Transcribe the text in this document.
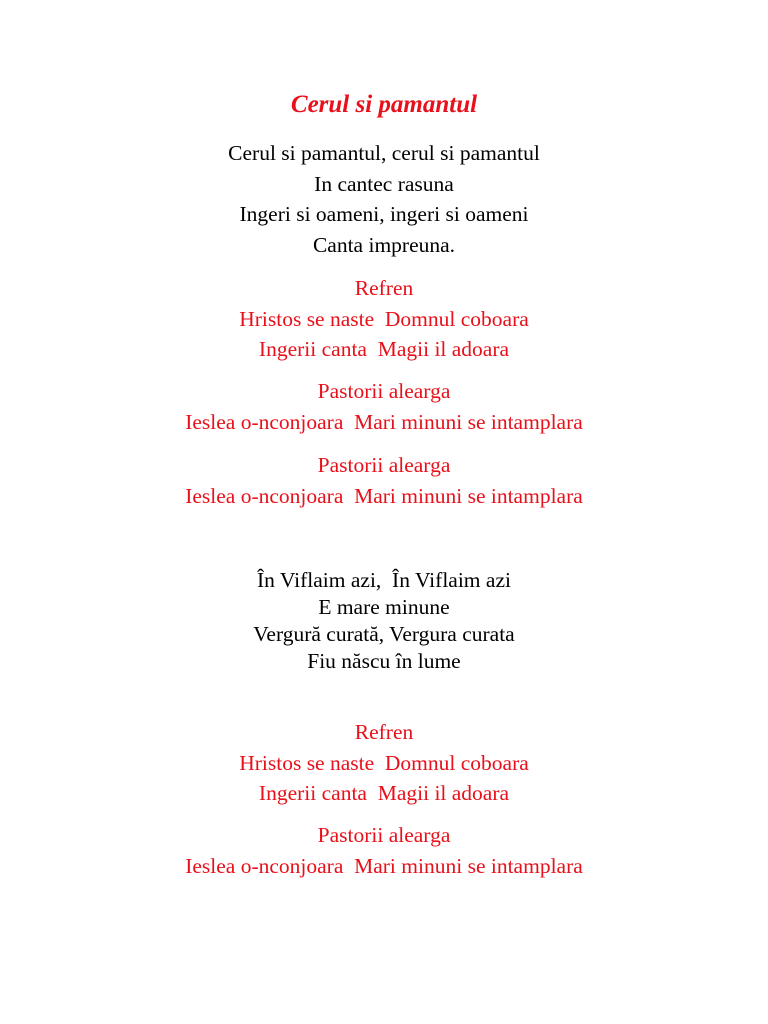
Cerul si pamantul
Cerul si pamantul, cerul si pamantul
In cantec rasuna
Ingeri si oameni, ingeri si oameni
Canta impreuna.
Refren
Hristos se naste  Domnul coboara
Ingerii canta  Magii il adoara
Pastorii alearga
Ieslea o-nconjoara  Mari minuni se intamplara
Pastorii alearga
Ieslea o-nconjoara  Mari minuni se intamplara
În Viflaim azi,  În Viflaim azi
E mare minune
Vergură curată, Vergura curata
Fiu născu în lume
Refren
Hristos se naste  Domnul coboara
Ingerii canta  Magii il adoara
Pastorii alearga
Ieslea o-nconjoara  Mari minuni se intamplara
